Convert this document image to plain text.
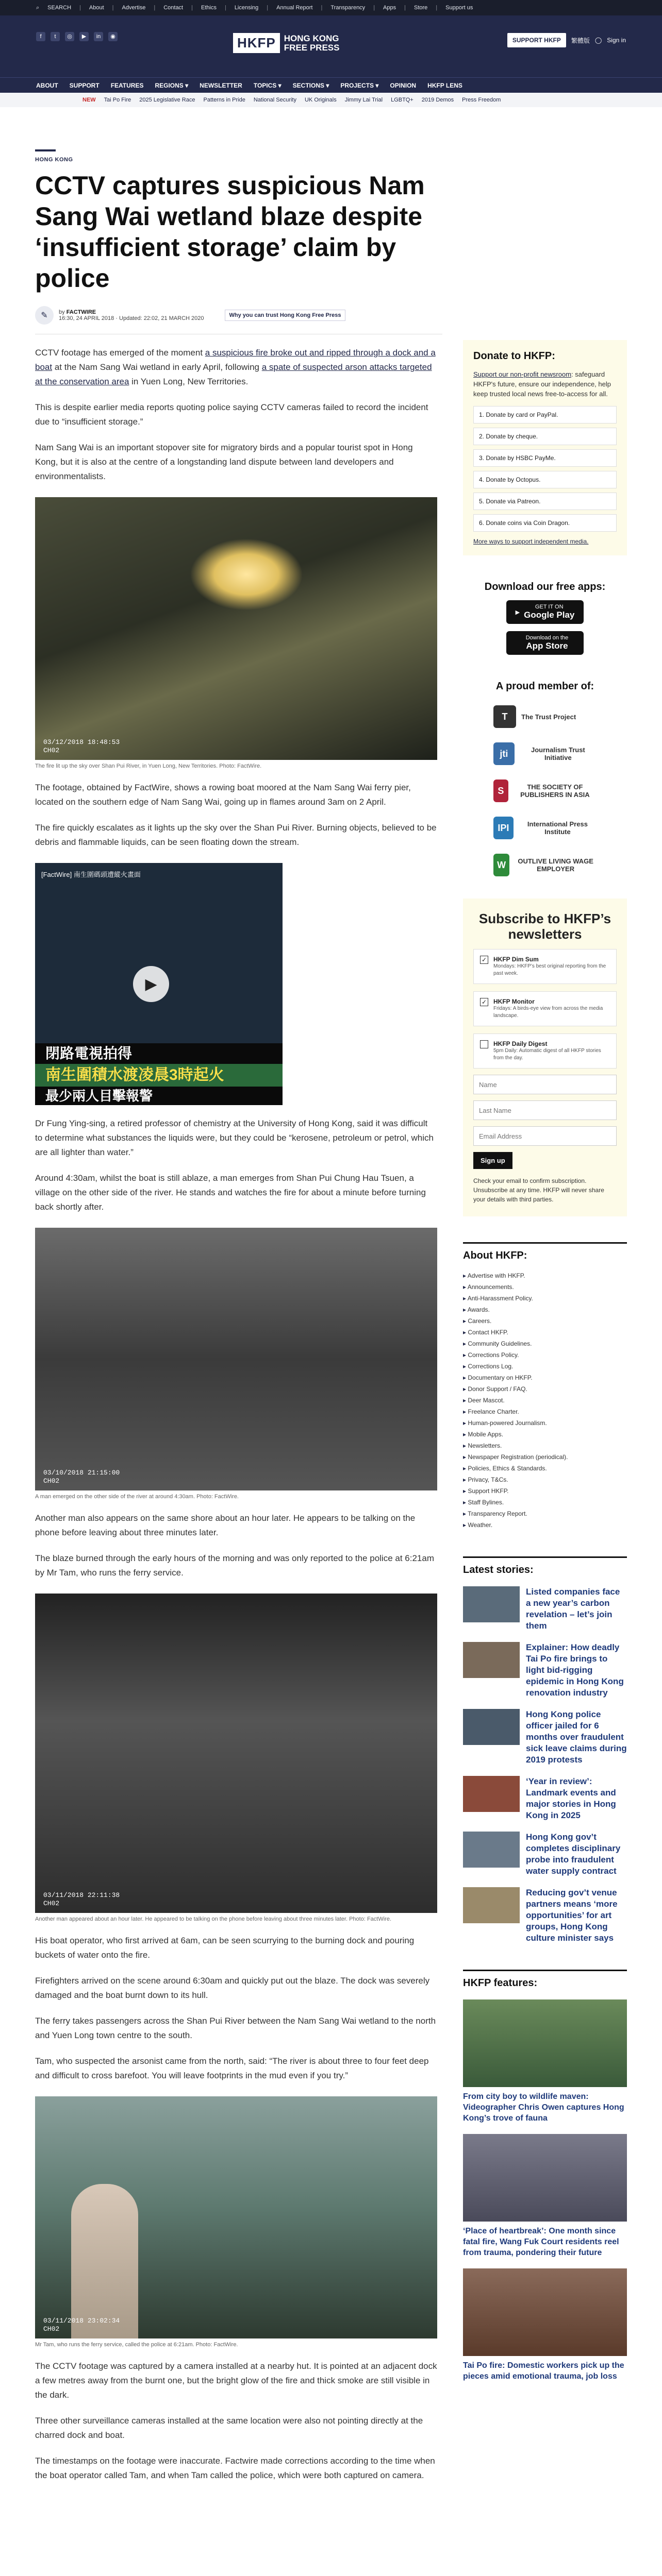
⌕ SEARCH | About | Advertise | Contact | Ethics | Licensing | Annual Report | Transparency | Apps | Store | Support us
f	t	◎	▶	in	◉	HKFP HONG KONG
FREE PRESS
SUPPORT HKFP	繁體版 ◯ Sign in
ABOUT SUPPORT FEATURES REGIONS ▾ NEWSLETTER TOPICS ▾ SECTIONS ▾ PROJECTS ▾ OPINION HKFP LENS
NEW Tai Po Fire 2025 Legislative Race Patterns in Pride National Security UK Originals Jimmy Lai Trial LGBTQ+ 2019 Demos Press Freedom
HONG KONG
CCTV captures suspicious Nam Sang Wai wetland blaze despite ‘insufficient storage’ claim by police
✎	by FACTWIRE
16:30, 24 APRIL 2018 · Updated: 22:02, 21 MARCH 2020	Why you can trust Hong Kong Free Press

CCTV footage has emerged of the moment a suspicious fire broke out and ripped through a dock and a boat at the Nam Sang Wai wetland in early April, following a spate of suspected arson attacks targeted at the conservation area in Yuen Long, New Territories.

This is despite earlier media reports quoting police saying CCTV cameras failed to record the incident due to “insufficient storage.”

Nam Sang Wai is an important stopover site for migratory birds and a popular tourist spot in Hong Kong, but it is also at the centre of a longstanding land dispute between land developers and environmentalists.

03/12/2018 18:48:53
CH02
The fire lit up the sky over Shan Pui River, in Yuen Long, New Territories. Photo: FactWire.

The footage, obtained by FactWire, shows a rowing boat moored at the Nam Sang Wai ferry pier, located on the southern edge of Nam Sang Wai, going up in flames around 3am on 2 April.

The fire quickly escalates as it lights up the sky over the Shan Pui River. Burning objects, believed to be debris and flammable liquids, can be seen floating down the stream.

[FactWire] 南生圍碼頭遭縱火畫面
▶
閉路電視拍得
南生圍積水渡凌晨3時起火
最少兩人目擊報警

Dr Fung Ying-sing, a retired professor of chemistry at the University of Hong Kong, said it was difficult to determine what substances the liquids were, but they could be “kerosene, petroleum or petrol, which are all lighter than water.”

Around 4:30am, whilst the boat is still ablaze, a man emerges from Shan Pui Chung Hau Tsuen, a village on the other side of the river. He stands and watches the fire for about a minute before turning back shortly after.

03/10/2018 21:15:00
CH02
A man emerged on the other side of the river at around 4:30am. Photo: FactWire.

Another man also appears on the same shore about an hour later. He appears to be talking on the phone before leaving about three minutes later.

The blaze burned through the early hours of the morning and was only reported to the police at 6:21am by Mr Tam, who runs the ferry service.

03/11/2018 22:11:38
CH02
Another man appeared about an hour later. He appeared to be talking on the phone before leaving about three minutes later. Photo: FactWire.

His boat operator, who first arrived at 6am, can be seen scurrying to the burning dock and pouring buckets of water onto the fire.

Firefighters arrived on the scene around 6:30am and quickly put out the blaze. The dock was severely damaged and the boat burnt down to its hull.

The ferry takes passengers across the Shan Pui River between the Nam Sang Wai wetland to the north and Yuen Long town centre to the south.

Tam, who suspected the arsonist came from the north, said: “The river is about three to four feet deep and difficult to cross barefoot. You will leave footprints in the mud even if you try.”

03/11/2018 23:02:34
CH02
Mr Tam, who runs the ferry service, called the police at 6:21am. Photo: FactWire.

The CCTV footage was captured by a camera installed at a nearby hut. It is pointed at an adjacent dock a few metres away from the burnt one, but the bright glow of the fire and thick smoke are still visible in the dark.

Three other surveillance cameras installed at the same location were also not pointing directly at the charred dock and boat.

The timestamps on the footage were inaccurate. Factwire made corrections according to the time when the boat operator called Tam, and when Tam called the police, which were both captured on camera.

Donate to HKFP:

Support our non-profit newsroom: safeguard HKFP's future, ensure our independence, help keep trusted local news free-to-access for all.

1. Donate by card or PayPal.
2. Donate by cheque.
3. Donate by HSBC PayMe.
4. Donate by Octopus.
5. Donate via Patreon.
6. Donate coins via Coin Dragon.
More ways to support independent media.
Download our free apps:
▶
GET IT ON
Google Play
Download on the
App Store
A proud member of:
T	The Trust Project
jti	Journalism Trust Initiative
S	THE SOCIETY OF PUBLISHERS IN ASIA
IPI	International Press Institute
W	OUTLIVE LIVING WAGE EMPLOYER
Subscribe to HKFP’s newsletters
✓ HKFP Dim Sum
Mondays: HKFP’s best original reporting from the past week.
✓ HKFP Monitor
Fridays: A birds-eye view from across the media landscape.
HKFP Daily Digest
5pm Daily: Automatic digest of all HKFP stories from the day.
Name Last Name Email Address Sign up

Check your email to confirm subscription. Unsubscribe at any time. HKFP will never share your details with third parties.

About HKFP:
▸ Advertise with HKFP.
▸ Announcements.
▸ Anti-Harassment Policy.
▸ Awards.
▸ Careers.
▸ Contact HKFP.
▸ Community Guidelines.
▸ Corrections Policy.
▸ Corrections Log.
▸ Documentary on HKFP.
▸ Donor Support / FAQ.
▸ Deer Mascot.
▸ Freelance Charter.
▸ Human-powered Journalism.
▸ Mobile Apps.
▸ Newsletters.
▸ Newspaper Registration (periodical).
▸ Policies, Ethics & Standards.
▸ Privacy, T&Cs.
▸ Support HKFP.
▸ Staff Bylines.
▸ Transparency Report.
▸ Weather.
Latest stories:
Listed companies face a new year’s carbon revelation – let’s join them
Explainer: How deadly Tai Po fire brings to light bid-rigging epidemic in Hong Kong renovation industry
Hong Kong police officer jailed for 6 months over fraudulent sick leave claims during 2019 protests
‘Year in review’: Landmark events and major stories in Hong Kong in 2025
Hong Kong gov’t completes disciplinary probe into fraudulent water supply contract
Reducing gov’t venue partners means ‘more opportunities’ for art groups, Hong Kong culture minister says
HKFP features:
From city boy to wildlife maven: Videographer Chris Owen captures Hong Kong’s trove of fauna
‘Place of heartbreak’: One month since fatal fire, Wang Fuk Court residents reel from trauma, pondering their future
Tai Po fire: Domestic workers pick up the pieces amid emotional trauma, job loss
